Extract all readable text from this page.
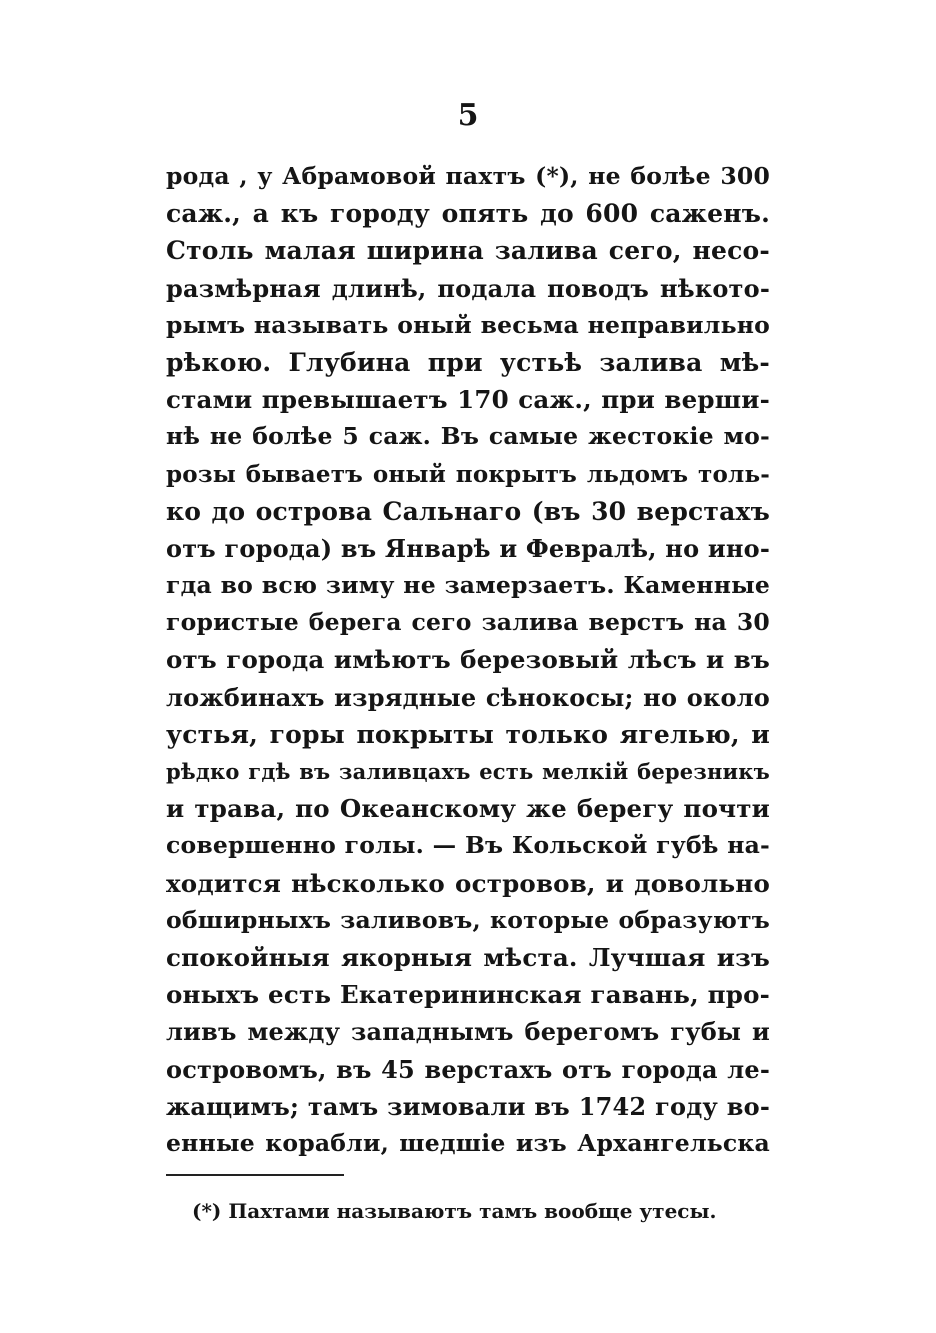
5
рода , у Абрамовой пахтъ (*), не болѣе 300
саж., а къ городу опять до 600 саженъ.
Столь малая ширина залива сего, несо-
размѣрная длинѣ, подала поводъ нѣкото-
рымъ называть оный весьма неправильно
рѣкою. Глубина при устьѣ залива мѣ-
стами превышаетъ 170 саж., при верши-
нѣ не болѣе 5 саж. Въ самые жестокіе мо-
розы бываетъ оный покрытъ льдомъ толь-
ко до острова Сальнаго (въ 30 верстахъ
отъ города) въ Январѣ и Февралѣ, но ино-
гда во всю зиму не замерзаетъ. Каменные
гористые берега сего залива верстъ на 30
отъ города имѣютъ березовый лѣсъ и въ
ложбинахъ изрядные сѣнокосы; но около
устья, горы покрыты только ягелью, и
рѣдко гдѣ въ заливцахъ есть мелкій березникъ
и трава, по Океанскому же берегу почти
совершенно голы. — Въ Кольской губѣ на-
ходится нѣсколько островов, и довольно
обширныхъ заливовъ, которые образуютъ
спокойныя якорныя мѣста. Лучшая изъ
оныхъ есть Екатерининская гавань, про-
ливъ между западнымъ берегомъ губы и
островомъ, въ 45 верстахъ отъ города ле-
жащимъ; тамъ зимовали въ 1742 году во-
енные корабли, шедшіе изъ Архангельска
(*) Пахтами называютъ тамъ вообще утесы.
